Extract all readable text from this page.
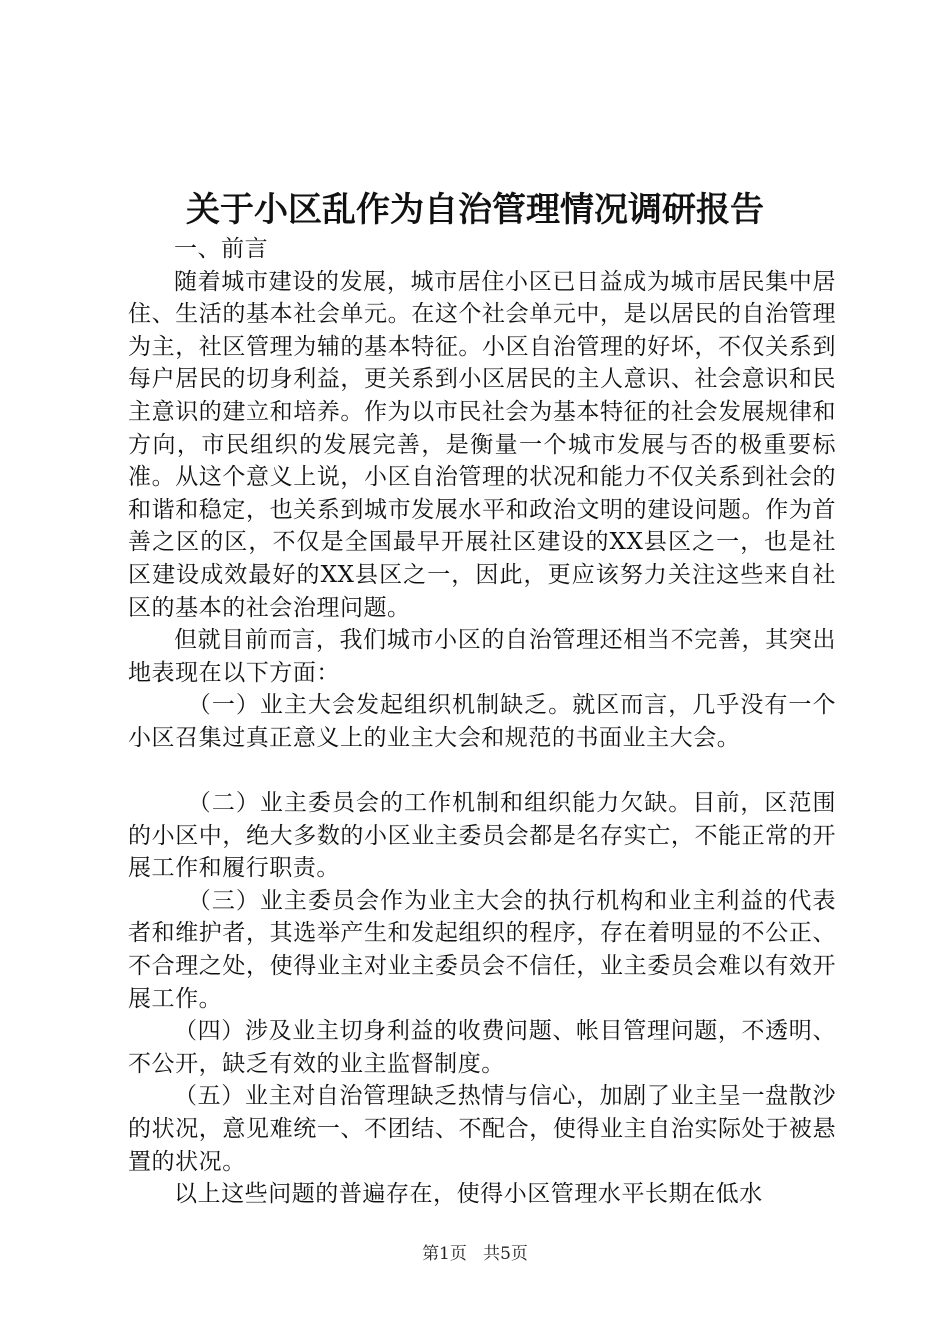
关于小区乱作为自治管理情况调研报告

一、前言

随着城市建设的发展，城市居住小区已日益成为城市居民集中居住、生活的基本社会单元。在这个社会单元中，是以居民的自治管理为主，社区管理为辅的基本特征。小区自治管理的好坏，不仅关系到每户居民的切身利益，更关系到小区居民的主人意识、社会意识和民主意识的建立和培养。作为以市民社会为基本特征的社会发展规律和方向，市民组织的发展完善，是衡量一个城市发展与否的极重要标准。从这个意义上说，小区自治管理的状况和能力不仅关系到社会的和谐和稳定，也关系到城市发展水平和政治文明的建设问题。作为首善之区的区，不仅是全国最早开展社区建设的XX县区之一，也是社区建设成效最好的XX县区之一，因此，更应该努力关注这些来自社区的基本的社会治理问题。

但就目前而言，我们城市小区的自治管理还相当不完善，其突出地表现在以下方面：

（一）业主大会发起组织机制缺乏。就区而言，几乎没有一个小区召集过真正意义上的业主大会和规范的书面业主大会。

（二）业主委员会的工作机制和组织能力欠缺。目前，区范围的小区中，绝大多数的小区业主委员会都是名存实亡，不能正常的开展工作和履行职责。

（三）业主委员会作为业主大会的执行机构和业主利益的代表者和维护者，其选举产生和发起组织的程序，存在着明显的不公正、不合理之处，使得业主对业主委员会不信任，业主委员会难以有效开展工作。

（四）涉及业主切身利益的收费问题、帐目管理问题，不透明、不公开，缺乏有效的业主监督制度。

（五）业主对自治管理缺乏热情与信心，加剧了业主呈一盘散沙的状况，意见难统一、不团结、不配合，使得业主自治实际处于被悬置的状况。

以上这些问题的普遍存在，使得小区管理水平长期在低水

第1页 共5页
